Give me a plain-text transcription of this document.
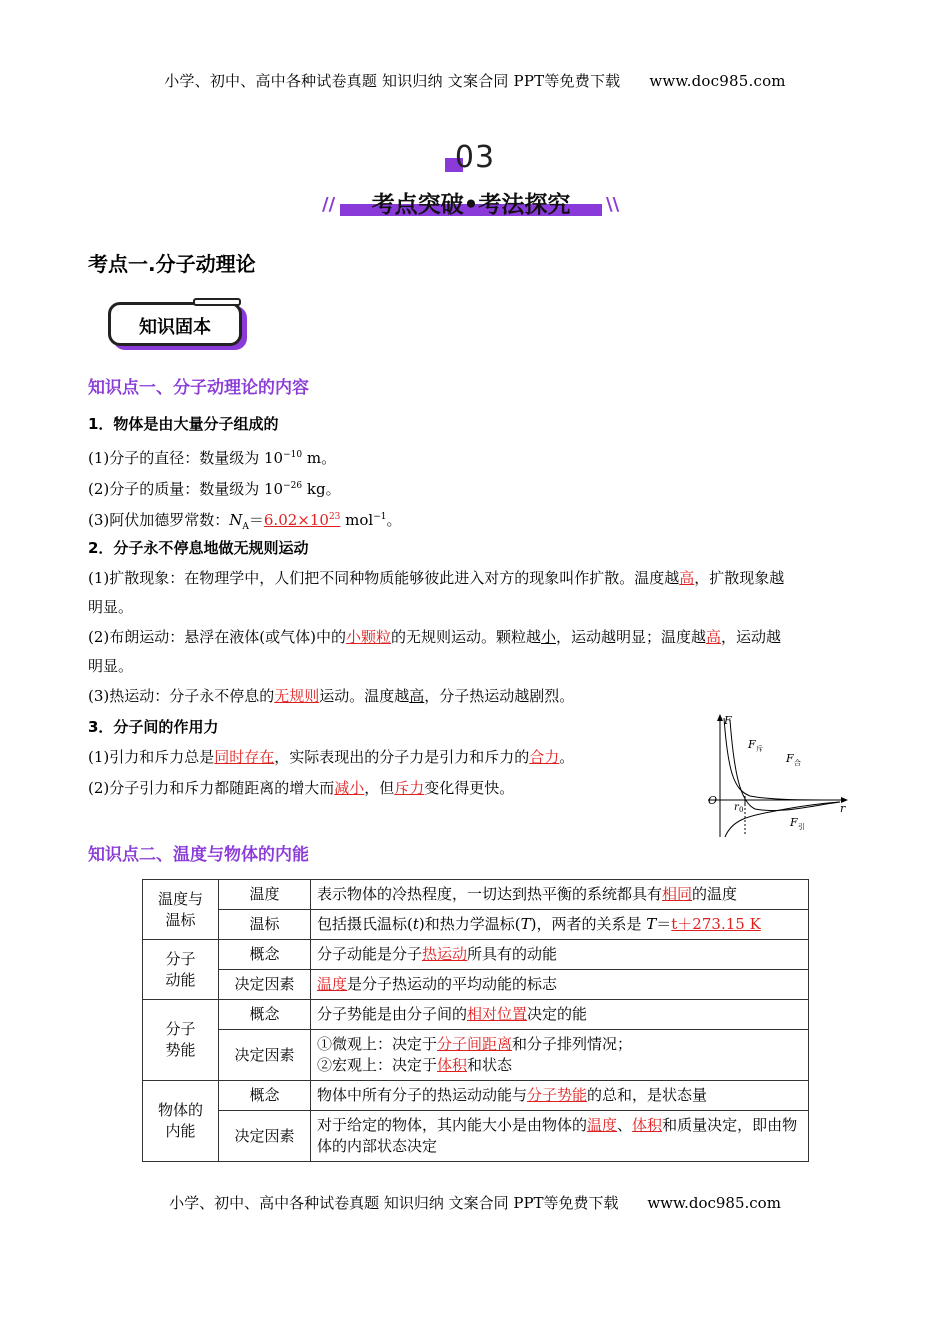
小学、初中、高中各种试卷真题 知识归纳 文案合同 PPT等免费下载 www.doc985.com
03
//	考点突破•考法探究	\\
考点一.分子动理论
知识固本
知识点一、分子动理论的内容
1．物体是由大量分子组成的
(1)分子的直径：数量级为 $10^{-10}$ m。
(2)分子的质量：数量级为 $10^{-26}$ kg。
(3)阿伏加德罗常数：$N_A=6.02\times 10^{23}$ mol$^{-1}$。
2．分子永不停息地做无规则运动
(1)扩散现象：在物理学中，人们把不同种物质能够彼此进入对方的现象叫作扩散。温度越高，扩散现象越
明显。
(2)布朗运动：悬浮在液体(或气体)中的小颗粒的无规则运动。颗粒越小，运动越明显；温度越高，运动越
明显。
(3)热运动：分子永不停息的无规则运动。温度越高，分子热运动越剧烈。
3．分子间的作用力
(1)引力和斥力总是同时存在，实际表现出的分子力是引力和斥力的合力。
(2)分子引力和斥力都随距离的增大而减小，但斥力变化得更快。
F
F 斥
F 合
F 引
O
r 0	r
知识点二、温度与物体的内能
温度与温标	温度	表示物体的冷热程度，一切达到热平衡的系统都具有相同的温度
	温标	包括摄氏温标(t)和热力学温标(T)，两者的关系是 T＝t＋273.15 K
分子动能	概念	分子动能是分子热运动所具有的动能
	决定因素	温度是分子热运动的平均动能的标志
分子势能	概念	分子势能是由分子间的相对位置决定的能
	决定因素	①微观上：决定于分子间距离和分子排列情况；
②宏观上：决定于体积和状态

物体的内能	概念	物体中所有分子的热运动动能与分子势能的总和，是状态量
	决定因素	对于给定的物体，其内能大小是由物体的温度、体积和质量决定，即由物体的内部状态决定
小学、初中、高中各种试卷真题 知识归纳 文案合同 PPT等免费下载 www.doc985.com
